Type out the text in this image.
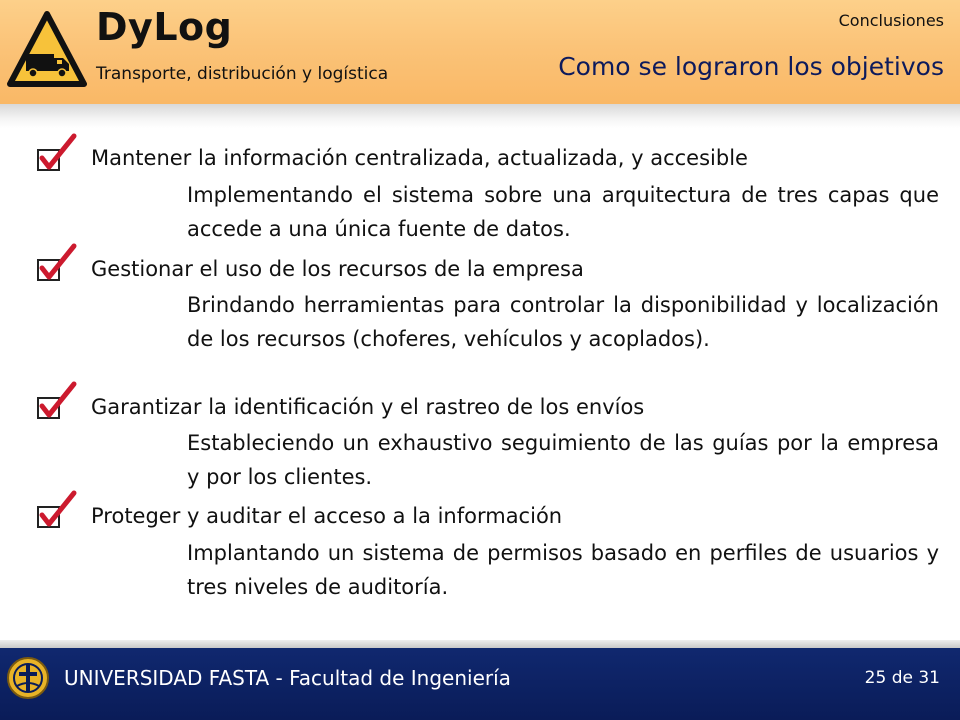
DyLog
Transporte, distribución y logística
Conclusiones
Como se lograron los objetivos
Mantener la información centralizada, actualizada, y accesible
Implementando el sistema sobre una arquitectura de tres capas que accede a una única fuente de datos.
Gestionar el uso de los recursos de la empresa
Brindando herramientas para controlar la disponibilidad y localización de los recursos (choferes, vehículos y acoplados).
Garantizar la identificación y el rastreo de los envíos
Estableciendo un exhaustivo seguimiento de las guías por la empresa y por los clientes.
Proteger y auditar el acceso a la información
Implantando un sistema de permisos basado en perfiles de usuarios y tres niveles de auditoría.
UNIVERSIDAD FASTA - Facultad de Ingeniería	25 de 31
